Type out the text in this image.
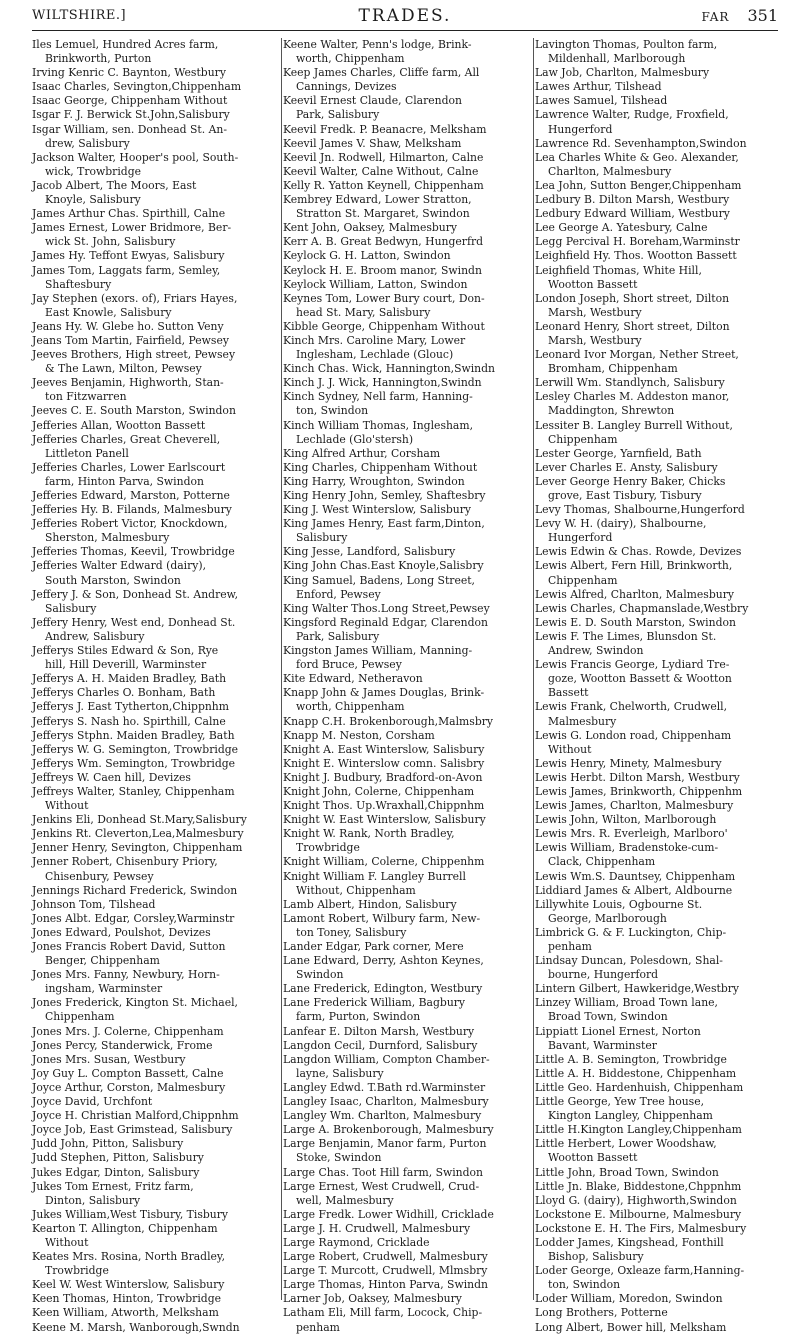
WILTSHIRE.]	TRADES.	FAR 351

Iles Lemuel, Hundred Acres farm,
Brinkworth, Purton

Irving Kenric C. Baynton, Westbury

Isaac Charles, Sevington,Chippenham

Isaac George, Chippenham Without

Isgar F. J. Berwick St.John,Salisbury

Isgar William, sen. Donhead St. An-
drew, Salisbury

Jackson Walter, Hooper's pool, South-
wick, Trowbridge

Jacob Albert, The Moors, East
Knoyle, Salisbury

James Arthur Chas. Spirthill, Calne

James Ernest, Lower Bridmore, Ber-
wick St. John, Salisbury

James Hy. Teffont Ewyas, Salisbury

James Tom, Laggats farm, Semley,
Shaftesbury

Jay Stephen (exors. of), Friars Hayes,
East Knowle, Salisbury

Jeans Hy. W. Glebe ho. Sutton Veny

Jeans Tom Martin, Fairfield, Pewsey

Jeeves Brothers, High street, Pewsey
& The Lawn, Milton, Pewsey

Jeeves Benjamin, Highworth, Stan-
ton Fitzwarren

Jeeves C. E. South Marston, Swindon

Jefferies Allan, Wootton Bassett

Jefferies Charles, Great Cheverell,
Littleton Panell

Jefferies Charles, Lower Earlscourt
farm, Hinton Parva, Swindon

Jefferies Edward, Marston, Potterne

Jefferies Hy. B. Filands, Malmesbury

Jefferies Robert Victor, Knockdown,
Sherston, Malmesbury

Jefferies Thomas, Keevil, Trowbridge

Jefferies Walter Edward (dairy),
South Marston, Swindon

Jeffery J. & Son, Donhead St. Andrew,
Salisbury

Jeffery Henry, West end, Donhead St.
Andrew, Salisbury

Jefferys Stiles Edward & Son, Rye
hill, Hill Deverill, Warminster

Jefferys A. H. Maiden Bradley, Bath

Jefferys Charles O. Bonham, Bath

Jefferys J. East Tytherton,Chippnhm

Jefferys S. Nash ho. Spirthill, Calne

Jefferys Stphn. Maiden Bradley, Bath

Jefferys W. G. Semington, Trowbridge

Jefferys Wm. Semington, Trowbridge

Jeffreys W. Caen hill, Devizes

Jeffreys Walter, Stanley, Chippenham
Without

Jenkins Eli, Donhead St.Mary,Salisbury

Jenkins Rt. Cleverton,Lea,Malmesbury

Jenner Henry, Sevington, Chippenham

Jenner Robert, Chisenbury Priory,
Chisenbury, Pewsey

Jennings Richard Frederick, Swindon

Johnson Tom, Tilshead

Jones Albt. Edgar, Corsley,Warminstr

Jones Edward, Poulshot, Devizes

Jones Francis Robert David, Sutton
Benger, Chippenham

Jones Mrs. Fanny, Newbury, Horn-
ingsham, Warminster

Jones Frederick, Kington St. Michael,
Chippenham

Jones Mrs. J. Colerne, Chippenham

Jones Percy, Standerwick, Frome

Jones Mrs. Susan, Westbury

Joy Guy L. Compton Bassett, Calne

Joyce Arthur, Corston, Malmesbury

Joyce David, Urchfont

Joyce H. Christian Malford,Chippnhm

Joyce Job, East Grimstead, Salisbury

Judd John, Pitton, Salisbury

Judd Stephen, Pitton, Salisbury

Jukes Edgar, Dinton, Salisbury

Jukes Tom Ernest, Fritz farm,
Dinton, Salisbury

Jukes William,West Tisbury, Tisbury

Kearton T. Allington, Chippenham
Without

Keates Mrs. Rosina, North Bradley,
Trowbridge

Keel W. West Winterslow, Salisbury

Keen Thomas, Hinton, Trowbridge

Keen William, Atworth, Melksham

Keene M. Marsh, Wanborough,Swndn

Keene Walter, Penn's lodge, Brink-
worth, Chippenham

Keep James Charles, Cliffe farm, All
Cannings, Devizes

Keevil Ernest Claude, Clarendon
Park, Salisbury

Keevil Fredk. P. Beanacre, Melksham

Keevil James V. Shaw, Melksham

Keevil Jn. Rodwell, Hilmarton, Calne

Keevil Walter, Calne Without, Calne

Kelly R. Yatton Keynell, Chippenham

Kembrey Edward, Lower Stratton,
Stratton St. Margaret, Swindon

Kent John, Oaksey, Malmesbury

Kerr A. B. Great Bedwyn, Hungerfrd

Keylock G. H. Latton, Swindon

Keylock H. E. Broom manor, Swindn

Keylock William, Latton, Swindon

Keynes Tom, Lower Bury court, Don-
head St. Mary, Salisbury

Kibble George, Chippenham Without

Kinch Mrs. Caroline Mary, Lower
Inglesham, Lechlade (Glouc)

Kinch Chas. Wick, Hannington,Swindn

Kinch J. J. Wick, Hannington,Swindn

Kinch Sydney, Nell farm, Hanning-
ton, Swindon

Kinch William Thomas, Inglesham,
Lechlade (Glo'stersh)

King Alfred Arthur, Corsham

King Charles, Chippenham Without

King Harry, Wroughton, Swindon

King Henry John, Semley, Shaftesbry

King J. West Winterslow, Salisbury

King James Henry, East farm,Dinton,
Salisbury

King Jesse, Landford, Salisbury

King John Chas.East Knoyle,Salisbry

King Samuel, Badens, Long Street,
Enford, Pewsey

King Walter Thos.Long Street,Pewsey

Kingsford Reginald Edgar, Clarendon
Park, Salisbury

Kingston James William, Manning-
ford Bruce, Pewsey

Kite Edward, Netheravon

Knapp John & James Douglas, Brink-
worth, Chippenham

Knapp C.H. Brokenborough,Malmsbry

Knapp M. Neston, Corsham

Knight A. East Winterslow, Salisbury

Knight E. Winterslow comn. Salisbry

Knight J. Budbury, Bradford-on-Avon

Knight John, Colerne, Chippenham

Knight Thos. Up.Wraxhall,Chippnhm

Knight W. East Winterslow, Salisbury

Knight W. Rank, North Bradley,
Trowbridge

Knight William, Colerne, Chippenhm

Knight William F. Langley Burrell
Without, Chippenham

Lamb Albert, Hindon, Salisbury

Lamont Robert, Wilbury farm, New-
ton Toney, Salisbury

Lander Edgar, Park corner, Mere

Lane Edward, Derry, Ashton Keynes,
Swindon

Lane Frederick, Edington, Westbury

Lane Frederick William, Bagbury
farm, Purton, Swindon

Lanfear E. Dilton Marsh, Westbury

Langdon Cecil, Durnford, Salisbury

Langdon William, Compton Chamber-
layne, Salisbury

Langley Edwd. T.Bath rd.Warminster

Langley Isaac, Charlton, Malmesbury

Langley Wm. Charlton, Malmesbury

Large A. Brokenborough, Malmesbury

Large Benjamin, Manor farm, Purton
Stoke, Swindon

Large Chas. Toot Hill farm, Swindon

Large Ernest, West Crudwell, Crud-
well, Malmesbury

Large Fredk. Lower Widhill, Cricklade

Large J. H. Crudwell, Malmesbury

Large Raymond, Cricklade

Large Robert, Crudwell, Malmesbury

Large T. Murcott, Crudwell, Mlmsbry

Large Thomas, Hinton Parva, Swindn

Larner Job, Oaksey, Malmesbury

Latham Eli, Mill farm, Locock, Chip-
penham

Lavington Thomas, Poulton farm,
Mildenhall, Marlborough

Law Job, Charlton, Malmesbury

Lawes Arthur, Tilshead

Lawes Samuel, Tilshead

Lawrence Walter, Rudge, Froxfield,
Hungerford

Lawrence Rd. Sevenhampton,Swindon

Lea Charles White & Geo. Alexander,
Charlton, Malmesbury

Lea John, Sutton Benger,Chippenham

Ledbury B. Dilton Marsh, Westbury

Ledbury Edward William, Westbury

Lee George A. Yatesbury, Calne

Legg Percival H. Boreham,Warminstr

Leighfield Hy. Thos. Wootton Bassett

Leighfield Thomas, White Hill,
Wootton Bassett

London Joseph, Short street, Dilton
Marsh, Westbury

Leonard Henry, Short street, Dilton
Marsh, Westbury

Leonard Ivor Morgan, Nether Street,
Bromham, Chippenham

Lerwill Wm. Standlynch, Salisbury

Lesley Charles M. Addeston manor,
Maddington, Shrewton

Lessiter B. Langley Burrell Without,
Chippenham

Lester George, Yarnfield, Bath

Lever Charles E. Ansty, Salisbury

Lever George Henry Baker, Chicks
grove, East Tisbury, Tisbury

Levy Thomas, Shalbourne,Hungerford

Levy W. H. (dairy), Shalbourne,
Hungerford

Lewis Edwin & Chas. Rowde, Devizes

Lewis Albert, Fern Hill, Brinkworth,
Chippenham

Lewis Alfred, Charlton, Malmesbury

Lewis Charles, Chapmanslade,Westbry

Lewis E. D. South Marston, Swindon

Lewis F. The Limes, Blunsdon St.
Andrew, Swindon

Lewis Francis George, Lydiard Tre-
goze, Wootton Bassett & Wootton
Bassett

Lewis Frank, Chelworth, Crudwell,
Malmesbury

Lewis G. London road, Chippenham
Without

Lewis Henry, Minety, Malmesbury

Lewis Herbt. Dilton Marsh, Westbury

Lewis James, Brinkworth, Chippenhm

Lewis James, Charlton, Malmesbury

Lewis John, Wilton, Marlborough

Lewis Mrs. R. Everleigh, Marlboro'

Lewis William, Bradenstoke-cum-
Clack, Chippenham

Lewis Wm.S. Dauntsey, Chippenham

Liddiard James & Albert, Aldbourne

Lillywhite Louis, Ogbourne St.
George, Marlborough

Limbrick G. & F. Luckington, Chip-
penham

Lindsay Duncan, Polesdown, Shal-
bourne, Hungerford

Lintern Gilbert, Hawkeridge,Westbry

Linzey William, Broad Town lane,
Broad Town, Swindon

Lippiatt Lionel Ernest, Norton
Bavant, Warminster

Little A. B. Semington, Trowbridge

Little A. H. Biddestone, Chippenham

Little Geo. Hardenhuish, Chippenham

Little George, Yew Tree house,
Kington Langley, Chippenham

Little H.Kington Langley,Chippenham

Little Herbert, Lower Woodshaw,
Wootton Bassett

Little John, Broad Town, Swindon

Little Jn. Blake, Biddestone,Chppnhm

Lloyd G. (dairy), Highworth,Swindon

Lockstone E. Milbourne, Malmesbury

Lockstone E. H. The Firs, Malmesbury

Lodder James, Kingshead, Fonthill
Bishop, Salisbury

Loder George, Oxleaze farm,Hanning-
ton, Swindon

Loder William, Moredon, Swindon

Long Brothers, Potterne

Long Albert, Bower hill, Melksham
